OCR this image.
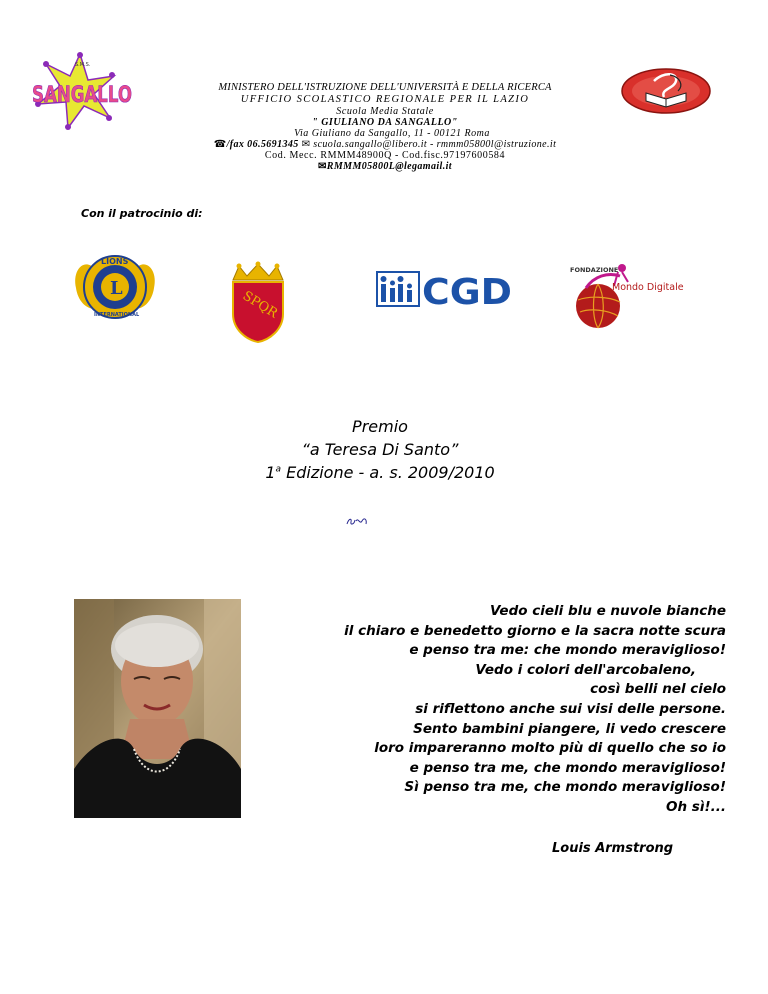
S.M.S.
SANGALLO	MINISTERO DELL'ISTRUZIONE DELL'UNIVERSITÀ E DELLA RICERCA
UFFICIO SCOLASTICO REGIONALE PER IL LAZIO
Scuola Media Statale
" GIULIANO DA SANGALLO"
Via Giuliano da Sangallo, 11 - 00121 Roma
☎/fax 06.5691345 ✉ scuola.sangallo@libero.it - rmmm05800l@istruzione.it
Cod. Mecc. RMMM48900Q - Cod.fisc.97197600584
✉RMMM05800L@legamail.it
Con il patrocinio di:
L
LIONS
INTERNATIONAL	SPQR	CGD
FONDAZIONE
Mondo Digitale
Premio
“a Teresa Di Santo”
1$^a$ Edizione - a. s. 2009/2010
Vedo cieli blu e nuvole bianche
il chiaro e benedetto giorno e la sacra notte scura
e penso tra me: che mondo meraviglioso!
Vedo i colori dell'arcobaleno,
così belli nel cielo
si riflettono anche sui visi delle persone.
Sento bambini piangere, li vedo crescere
loro impareranno molto più di quello che so io
e penso tra me, che mondo meraviglioso!
Sì penso tra me, che mondo meraviglioso!
Oh sì!...
Louis Armstrong
